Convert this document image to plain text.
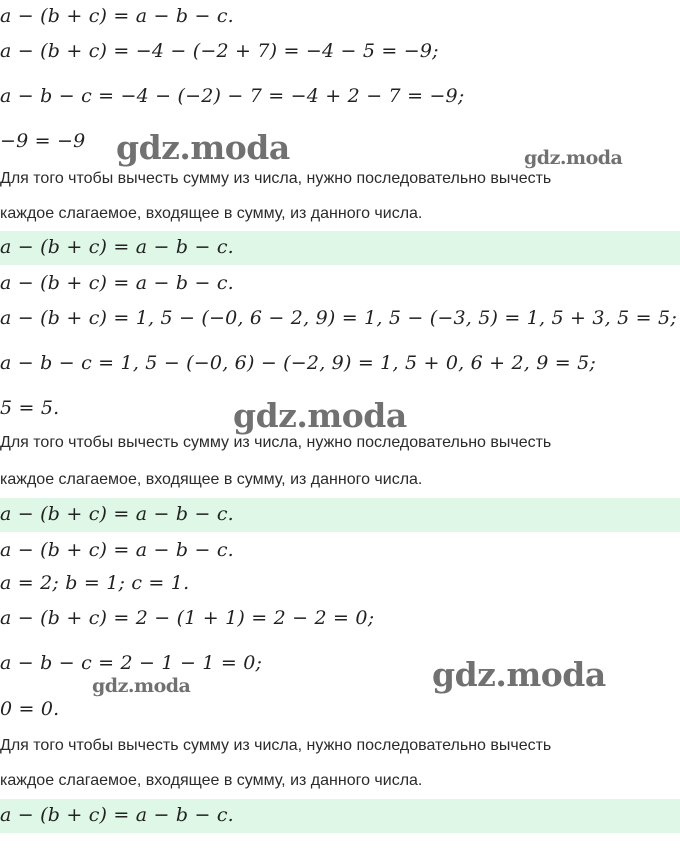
a − (b + c) = a − b − c.
a − (b + c) = −4 − (−2 + 7) = −4 − 5 = −9;
a − b − c = −4 − (−2) − 7 = −4 + 2 − 7 = −9;
−9 = −9
Для того чтобы вычесть сумму из числа, нужно последовательно вычесть
каждое слагаемое, входящее в сумму, из данного числа.
a − (b + c) = a − b − c.
a − (b + c) = a − b − c.
a − (b + c) = 1, 5 − (−0, 6 − 2, 9) = 1, 5 − (−3, 5) = 1, 5 + 3, 5 = 5;
a − b − c = 1, 5 − (−0, 6) − (−2, 9) = 1, 5 + 0, 6 + 2, 9 = 5;
5 = 5.
Для того чтобы вычесть сумму из числа, нужно последовательно вычесть
каждое слагаемое, входящее в сумму, из данного числа.
a − (b + c) = a − b − c.
a − (b + c) = a − b − c.
a = 2; b = 1; c = 1.
a − (b + c) = 2 − (1 + 1) = 2 − 2 = 0;
a − b − c = 2 − 1 − 1 = 0;
0 = 0.
Для того чтобы вычесть сумму из числа, нужно последовательно вычесть
каждое слагаемое, входящее в сумму, из данного числа.
a − (b + c) = a − b − c.
gdz.moda	gdz.moda
gdz.moda
gdz.moda
gdz.moda
